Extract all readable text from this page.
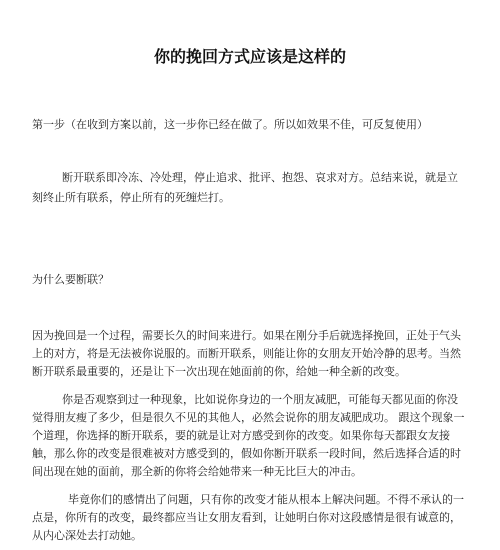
你的挽回方式应该是这样的

第一步（在收到方案以前，这一步你已经在做了。所以如效果不佳，可反复使用）

断开联系即冷冻、冷处理，停止追求、批评、抱怨、哀求对方。总结来说，就是立

刻终止所有联系，停止所有的死缠烂打。

为什么要断联？

因为挽回是一个过程，需要长久的时间来进行。如果在刚分手后就选择挽回，正处于气头

上的对方，将是无法被你说服的。而断开联系，则能让你的女朋友开始冷静的思考。当然

断开联系最重要的，还是让下一次出现在她面前的你，给她一种全新的改变。

你是否观察到过一种现象，比如说你身边的一个朋友减肥，可能每天都见面的你没

觉得朋友瘦了多少，但是很久不见的其他人，必然会说你的朋友减肥成功。 跟这个现象一

个道理，你选择的断开联系，要的就是让对方感受到你的改变。如果你每天都跟女友接

触，那么你的改变是很难被对方感受到的，假如你断开联系一段时间，然后选择合适的时

间出现在她的面前，那全新的你将会给她带来一种无比巨大的冲击。

毕竟你们的感情出了问题，只有你的改变才能从根本上解决问题。不得不承认的一

点是，你所有的改变，最终都应当让女朋友看到，让她明白你对这段感情是很有诚意的，

从内心深处去打动她。
